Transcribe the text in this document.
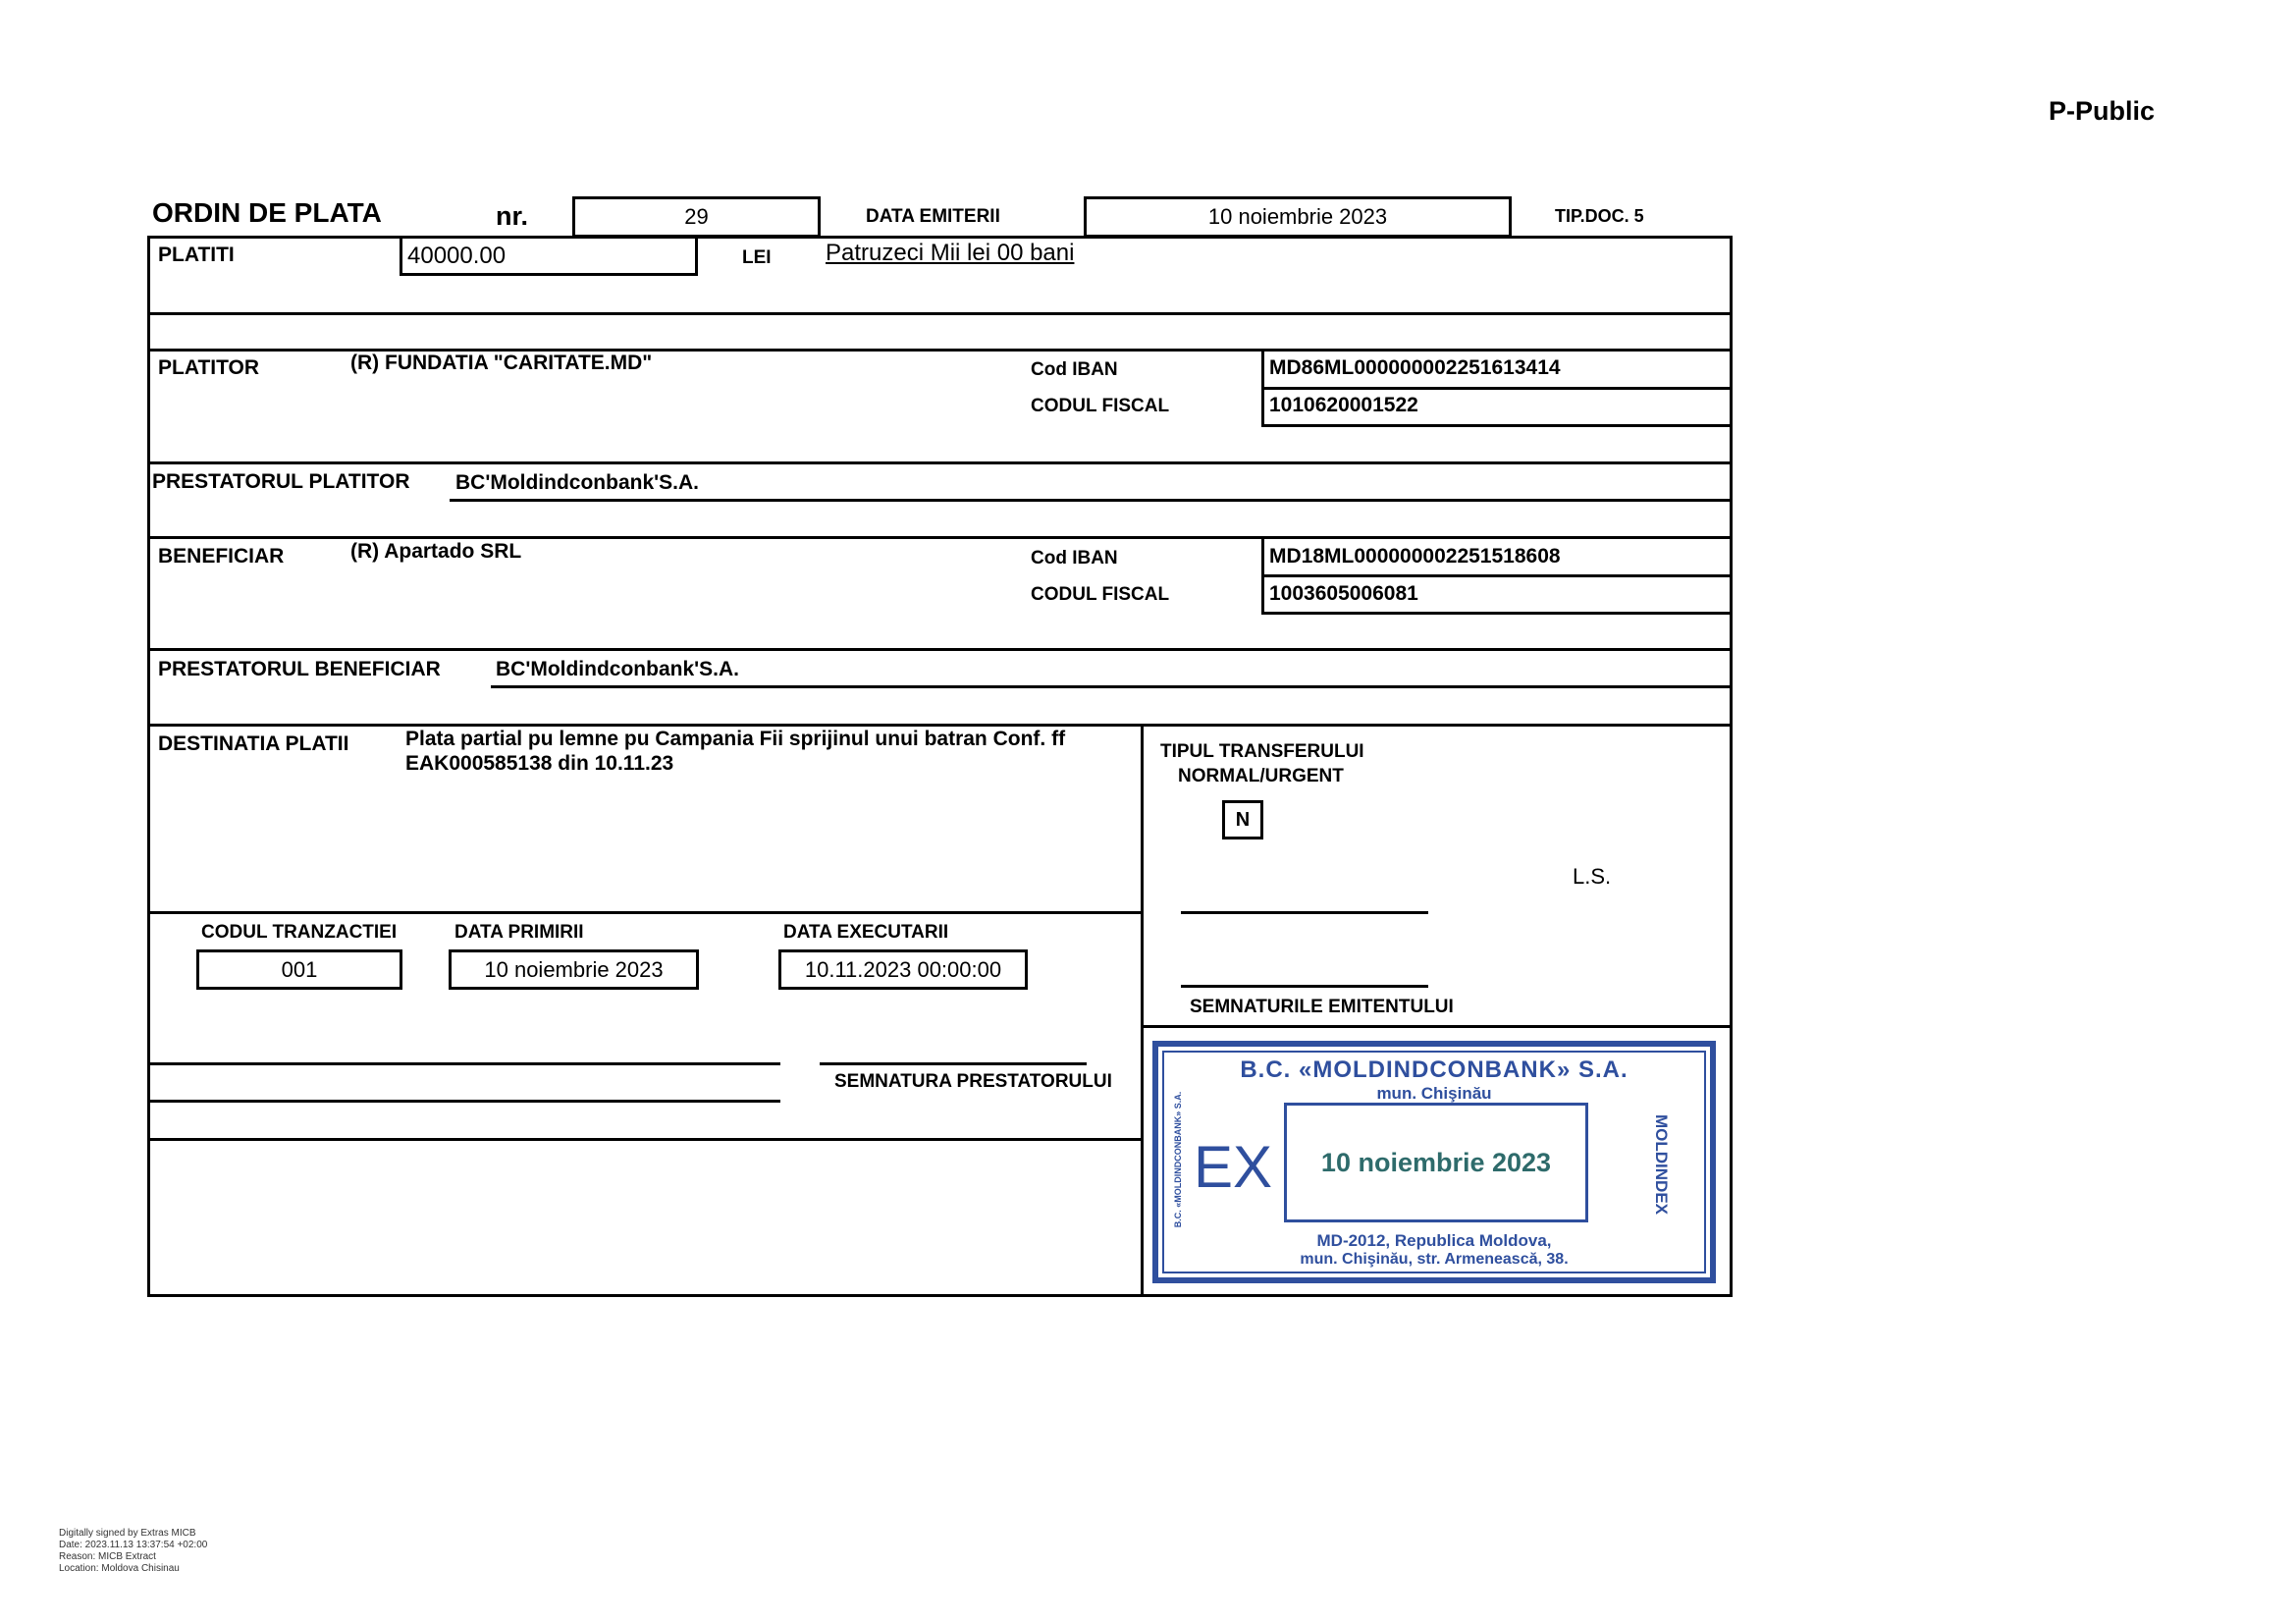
P-Public
ORDIN DE PLATA	nr.	29	DATA EMITERII	10 noiembrie 2023	TIP.DOC. 5
PLATITI	40000.00	LEI Patruzeci Mii lei 00 bani
PLATITOR	(R) FUNDATIA "CARITATE.MD"	Cod IBAN	MD86ML000000002251613414
CODUL FISCAL	1010620001522
PRESTATORUL PLATITOR BC'Moldindconbank'S.A.
BENEFICIAR	(R) Apartado SRL	Cod IBAN	MD18ML000000002251518608
CODUL FISCAL	1003605006081
PRESTATORUL BENEFICIAR	BC'Moldindconbank'S.A.
DESTINATIA PLATII	Plata partial pu lemne pu Campania Fii sprijinul unui batran Conf. ff
EAK000585138 din 10.11.23
TIPUL TRANSFERULUI
NORMAL/URGENT
N
L.S.
SEMNATURILE EMITENTULUI
CODUL TRANZACTIEI	DATA PRIMIRII	DATA EXECUTARII
001	10 noiembrie 2023	10.11.2023 00:00:00
SEMNATURA PRESTATORULUI	B.C. «MOLDINDCONBANK» S.A.
mun. Chişinău
EX 10 noiembrie 2023
MD-2012, Republica Moldova,
mun. Chişinău, str. Armenească, 38.
B.C. «MOLDINDCONBANK» S.A.	MOLDINDEX
Digitally signed by Extras MICB
Date: 2023.11.13 13:37:54 +02:00
Reason: MICB Extract
Location: Moldova Chisinau
